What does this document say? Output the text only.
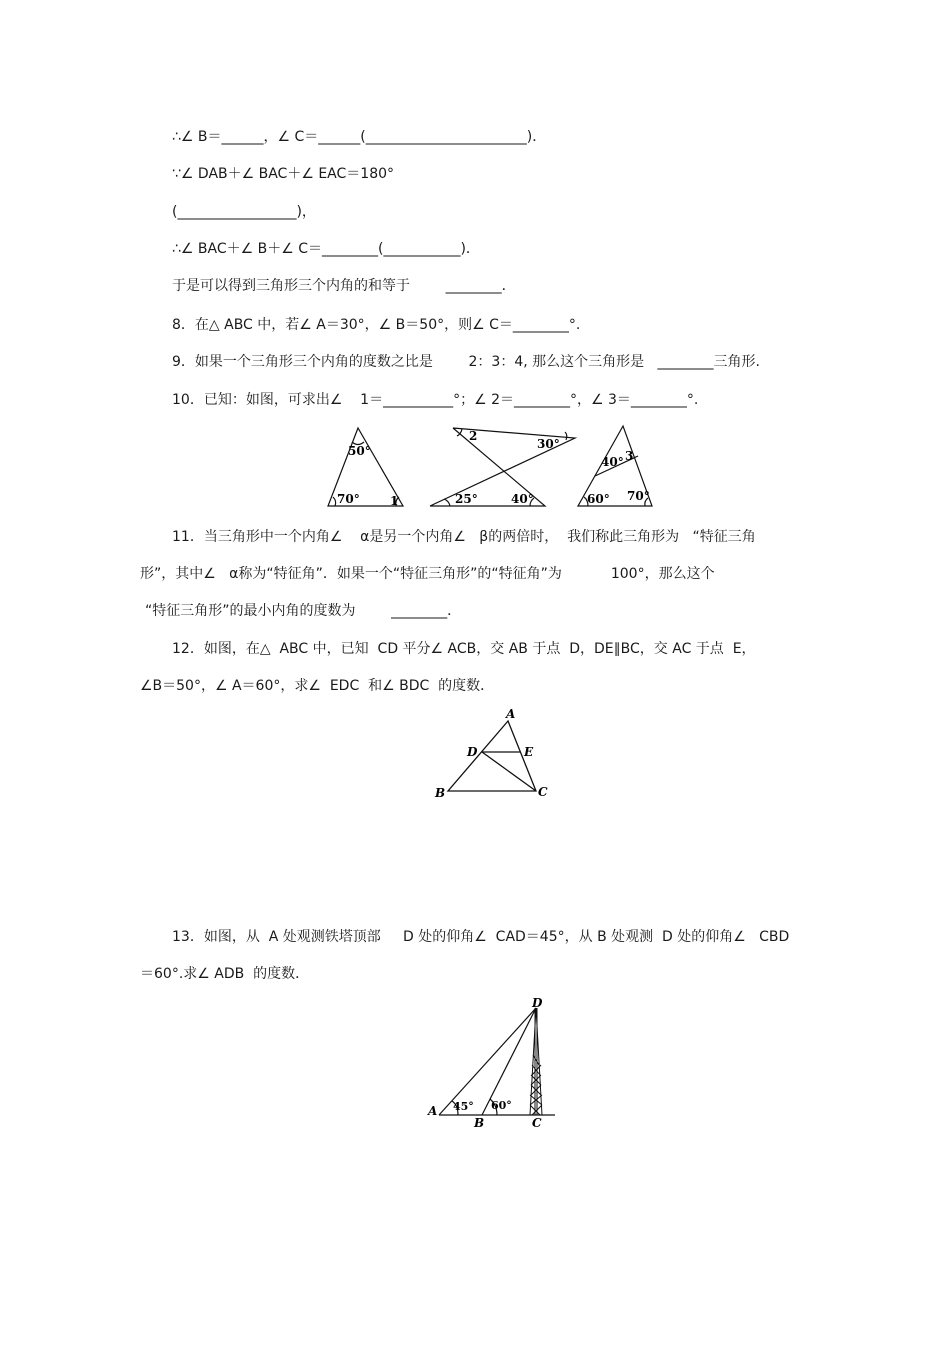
∴∠ B＝______，∠ C＝______(_______________________)．
∵∠ DAB＋∠ BAC＋∠ EAC＝180°
(_________________)，
∴∠ BAC＋∠ B＋∠ C＝________(___________)．
于是可以得到三角形三个内角的和等于        ________．
8．在△ ABC 中，若∠ A＝30°，∠ B＝50°，则∠ C＝________°.
9．如果一个三角形三个内角的度数之比是        2：3：4, 那么这个三角形是   ________三角形.
10．已知：如图，可求出∠    1＝__________°；∠ 2＝________°，∠ 3＝________°.
50°
70°	1
2
30°
25°	40°
40° 3
60° 70°
11．当三角形中一个内角∠    α是另一个内角∠   β的两倍时，  我们称此三角形为   “特征三角
形”，其中∠   α称为“特征角”．如果一个“特征三角形”的“特征角”为           100°，那么这个
“特征三角形”的最小内角的度数为        ________．
12．如图，在△  ABC 中，已知  CD 平分∠ ACB，交 AB 于点  D，DE∥BC，交 AC 于点  E，
∠B＝50°，∠ A＝60°，求∠  EDC  和∠ BDC  的度数．
A
D	E
B	C
13．如图，从  A 处观测铁塔顶部     D 处的仰角∠  CAD＝45°，从 B 处观测  D 处的仰角∠   CBD
＝60°.求∠ ADB  的度数．
D
45° 60°
A
B	C
